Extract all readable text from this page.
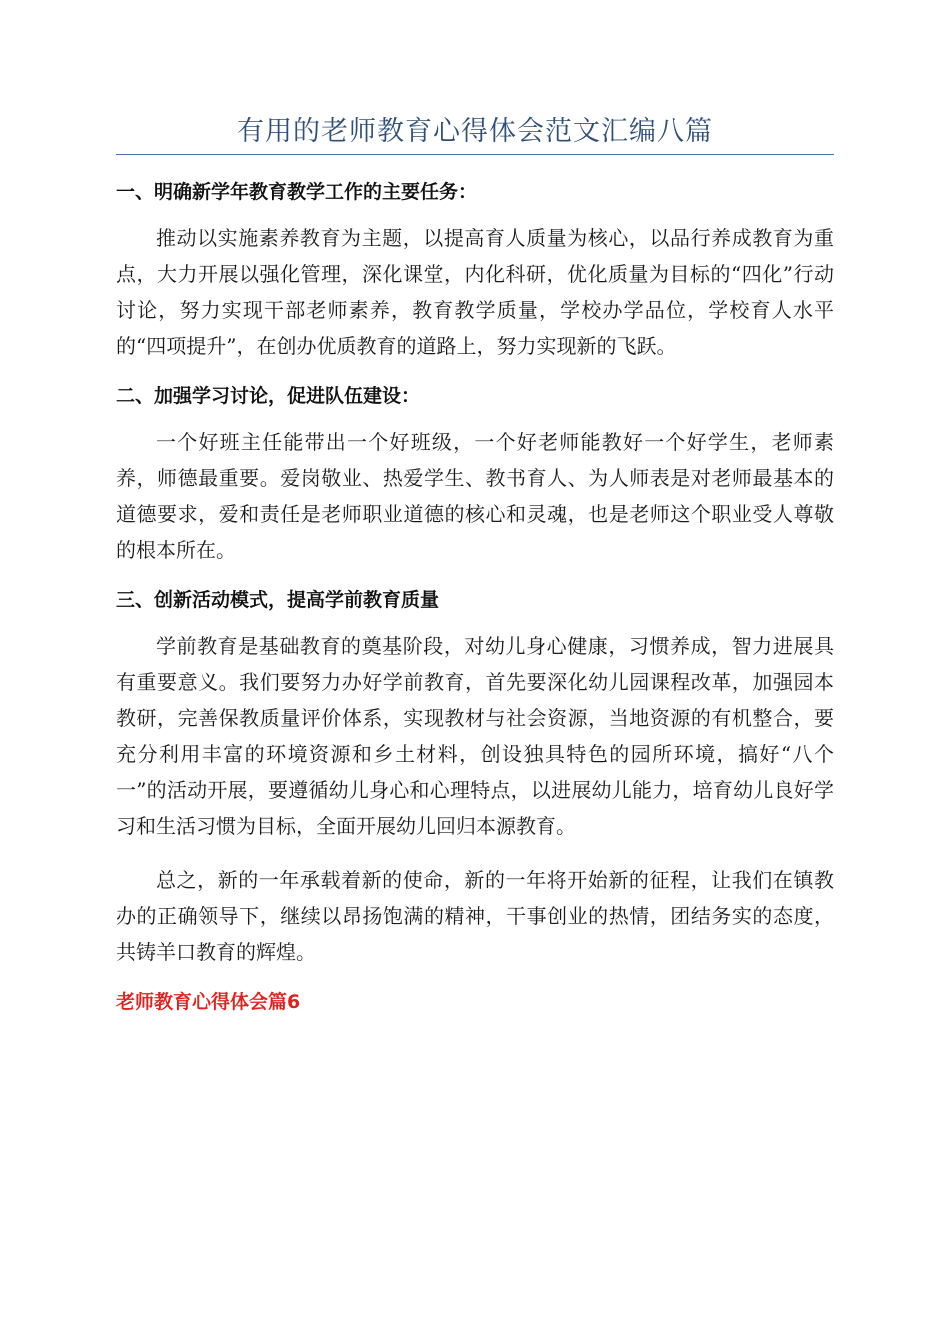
有用的老师教育心得体会范文汇编八篇
一、明确新学年教育教学工作的主要任务：

推动以实施素养教育为主题，以提高育人质量为核心，以品行养成教育为重点，大力开展以强化管理，深化课堂，内化科研，优化质量为目标的“四化”行动讨论，努力实现干部老师素养，教育教学质量，学校办学品位，学校育人水平的“四项提升”，在创办优质教育的道路上，努力实现新的飞跃。

二、加强学习讨论，促进队伍建设：

一个好班主任能带出一个好班级，一个好老师能教好一个好学生，老师素养，师德最重要。爱岗敬业、热爱学生、教书育人、为人师表是对老师最基本的道德要求，爱和责任是老师职业道德的核心和灵魂，也是老师这个职业受人尊敬的根本所在。

三、创新活动模式，提高学前教育质量

学前教育是基础教育的奠基阶段，对幼儿身心健康，习惯养成，智力进展具有重要意义。我们要努力办好学前教育，首先要深化幼儿园课程改革，加强园本教研，完善保教质量评价体系，实现教材与社会资源，当地资源的有机整合，要充分利用丰富的环境资源和乡土材料，创设独具特色的园所环境，搞好“八个一”的活动开展，要遵循幼儿身心和心理特点，以进展幼儿能力，培育幼儿良好学习和生活习惯为目标，全面开展幼儿回归本源教育。

总之，新的一年承载着新的使命，新的一年将开始新的征程，让我们在镇教办的正确领导下，继续以昂扬饱满的精神，干事创业的热情，团结务实的态度，共铸羊口教育的辉煌。

老师教育心得体会篇6
